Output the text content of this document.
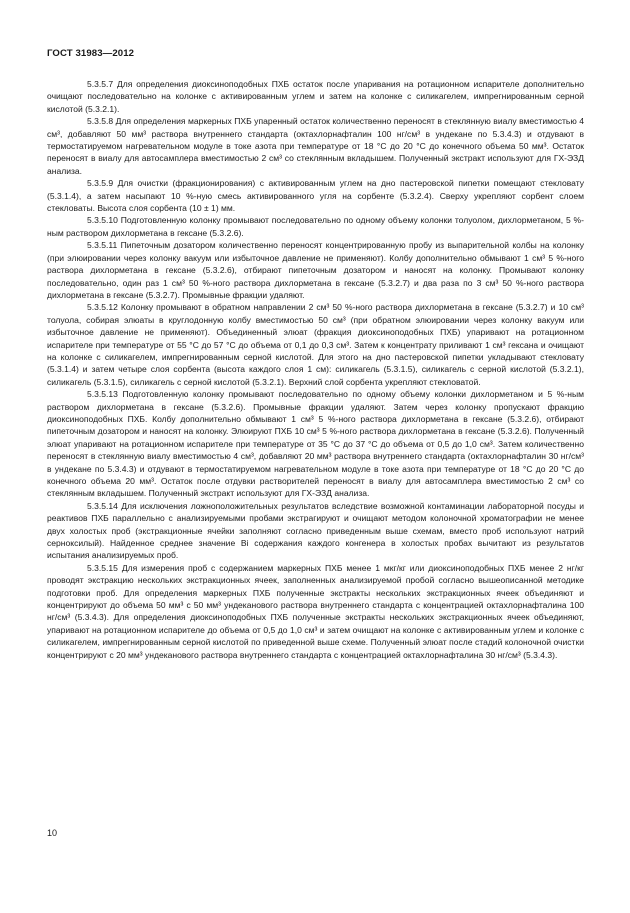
ГОСТ 31983—2012

5.3.5.7 Для определения диоксиноподобных ПХБ остаток после упаривания на ротационном испарителе дополнительно очищают последовательно на колонке с активированным углем и затем на колонке с силикагелем, импрегнированным серной кислотой (5.3.2.1).

5.3.5.8 Для определения маркерных ПХБ упаренный остаток количественно переносят в стеклянную виалу вместимостью 4 см³, добавляют 50 мм³ раствора внутреннего стандарта (октахлорнафталин 100 нг/см³ в ундекане по 5.3.4.3) и отдувают в термостатируемом нагревательном модуле в токе азота при температуре от 18 °С до 20 °С до конечного объема 50 мм³. Остаток переносят в виалу для автосамплера вместимостью 2 см³ со стеклянным вкладышем. Полученный экстракт используют для ГХ-ЭЗД анализа.

5.3.5.9 Для очистки (фракционирования) с активированным углем на дно пастеровской пипетки помещают стекловату (5.3.1.4), а затем насыпают 10 %-ную смесь активированного угля на сорбенте (5.3.2.4). Сверху укрепляют сорбент слоем стекловаты. Высота слоя сорбента (10 ± 1) мм.

5.3.5.10 Подготовленную колонку промывают последовательно по одному объему колонки толуолом, дихлорметаном, 5 %-ным раствором дихлорметана в гексане (5.3.2.6).

5.3.5.11 Пипеточным дозатором количественно переносят концентрированную пробу из выпарительной колбы на колонку (при элюировании через колонку вакуум или избыточное давление не применяют). Колбу дополнительно обмывают 1 см³ 5 %-ного раствора дихлорметана в гексане (5.3.2.6), отбирают пипеточным дозатором и наносят на колонку. Промывают колонку последовательно, один раз 1 см³ 50 %-ного раствора дихлорметана в гексане (5.3.2.7) и два раза по 3 см³ 50 %-ного раствора дихлорметана в гексане (5.3.2.7). Промывные фракции удаляют.

5.3.5.12 Колонку промывают в обратном направлении 2 см³ 50 %-ного раствора дихлорметана в гексане (5.3.2.7) и 10 см³ толуола, собирая элюаты в круглодонную колбу вместимостью 50 см³ (при обратном элюировании через колонку вакуум или избыточное давление не применяют). Объединенный элюат (фракция диоксиноподобных ПХБ) упаривают на ротационном испарителе при температуре от 55 °С до 57 °С до объема от 0,1 до 0,3 см³. Затем к концентрату приливают 1 см³ гексана и очищают на колонке с силикагелем, импрегнированным серной кислотой. Для этого на дно пастеровской пипетки укладывают стекловату (5.3.1.4) и затем четыре слоя сорбента (высота каждого слоя 1 см): силикагель (5.3.1.5), силикагель с серной кислотой (5.3.2.1), силикагель (5.3.1.5), силикагель с серной кислотой (5.3.2.1). Верхний слой сорбента укрепляют стекловатой.

5.3.5.13 Подготовленную колонку промывают последовательно по одному объему колонки дихлорметаном и 5 %-ным раствором дихлорметана в гексане (5.3.2.6). Промывные фракции удаляют. Затем через колонку пропускают фракцию диоксиноподобных ПХБ. Колбу дополнительно обмывают 1 см³ 5 %-ного раствора дихлорметана в гексане (5.3.2.6), отбирают пипеточным дозатором и наносят на колонку. Элюируют ПХБ 10 см³ 5 %-ного раствора дихлорметана в гексане (5.3.2.6). Полученный элюат упаривают на ротационном испарителе при температуре от 35 °С до 37 °С до объема от 0,5 до 1,0 см³. Затем количественно переносят в стеклянную виалу вместимостью 4 см³, добавляют 20 мм³ раствора внутреннего стандарта (октахлорнафталин 30 нг/см³ в ундекане по 5.3.4.3) и отдувают в термостатируемом нагревательном модуле в токе азота при температуре от 18 °С до 20 °С до конечного объема 20 мм³. Остаток после отдувки растворителей переносят в виалу для автосамплера вместимостью 2 см³ со стеклянным вкладышем. Полученный экстракт используют для ГХ-ЭЗД анализа.

5.3.5.14 Для исключения ложноположительных результатов вследствие возможной контаминации лабораторной посуды и реактивов ПХБ параллельно с анализируемыми пробами экстрагируют и очищают методом колоночной хроматографии не менее двух холостых проб (экстракционные ячейки заполняют согласно приведенным выше схемам, вместо проб используют натрий серноксилый). Найденное среднее значение Bi содержания каждого конгенера в холостых пробах вычитают из результатов испытания анализируемых проб.

5.3.5.15 Для измерения проб с содержанием маркерных ПХБ менее 1 мкг/кг или диоксиноподобных ПХБ менее 2 нг/кг проводят экстракцию нескольких экстракционных ячеек, заполненных анализируемой пробой согласно вышеописанной методике подготовки проб. Для определения маркерных ПХБ полученные экстракты нескольких экстракционных ячеек объединяют и концентрируют до объема 50 мм³ с 50 мм³ ундеканового раствора внутреннего стандарта с концентрацией октахлорнафталина 100 нг/см³ (5.3.4.3). Для определения диоксиноподобных ПХБ полученные экстракты нескольких экстракционных ячеек объединяют, упаривают на ротационном испарителе до объема от 0,5 до 1,0 см³ и затем очищают на колонке с активированным углем и колонке с силикагелем, импрегнированным серной кислотой по приведенной выше схеме. Полученный элюат после стадий колоночной очистки концентрируют с 20 мм³ ундеканового раствора внутреннего стандарта с концентрацией октахлорнафталина 30 нг/см³ (5.3.4.3).

10
